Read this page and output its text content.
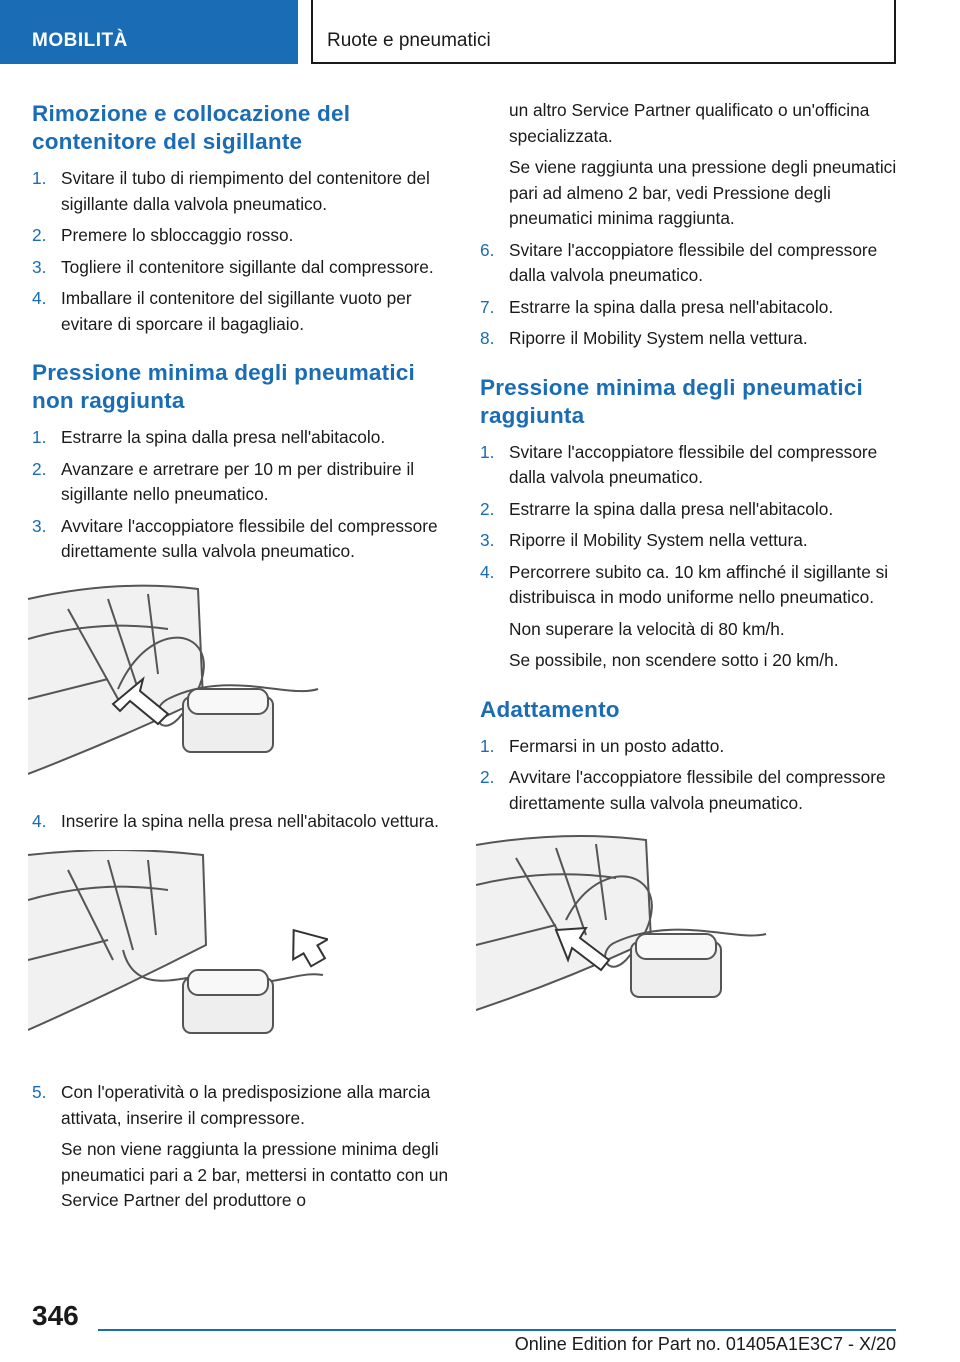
MOBILITÀ	Ruote e pneumatici
Rimozione e collocazione del contenitore del sigillante
1. Svitare il tubo di riempimento del contenitore del sigillante dalla valvola pneumatico.
2. Premere lo sbloccaggio rosso.
3. Togliere il contenitore sigillante dal compressore.
4. Imballare il contenitore del sigillante vuoto per evitare di sporcare il bagagliaio.
Pressione minima degli pneumatici non raggiunta
1. Estrarre la spina dalla presa nell'abitacolo.
2. Avanzare e arretrare per 10 m per distribuire il sigillante nello pneumatico.
3. Avvitare l'accoppiatore flessibile del compressore direttamente sulla valvola pneumatico.
4. Inserire la spina nella presa nell'abitacolo vettura.
5. Con l'operatività o la predisposizione alla marcia attivata, inserire il compressore.

Se non viene raggiunta la pressione minima degli pneumatici pari a 2 bar, mettersi in contatto con un Service Partner del produttore o

un altro Service Partner qualificato o un'officina specializzata.

Se viene raggiunta una pressione degli pneumatici pari ad almeno 2 bar, vedi Pressione degli pneumatici minima raggiunta.

6. Svitare l'accoppiatore flessibile del compressore dalla valvola pneumatico.
7. Estrarre la spina dalla presa nell'abitacolo.
8. Riporre il Mobility System nella vettura.
Pressione minima degli pneumatici raggiunta
1. Svitare l'accoppiatore flessibile del compressore dalla valvola pneumatico.
2. Estrarre la spina dalla presa nell'abitacolo.
3. Riporre il Mobility System nella vettura.
4. Percorrere subito ca. 10 km affinché il sigillante si distribuisca in modo uniforme nello pneumatico.

Non superare la velocità di 80 km/h.

Se possibile, non scendere sotto i 20 km/h.

Adattamento
1. Fermarsi in un posto adatto.
2. Avvitare l'accoppiatore flessibile del compressore direttamente sulla valvola pneumatico.
346
Online Edition for Part no. 01405A1E3C7 - X/20
